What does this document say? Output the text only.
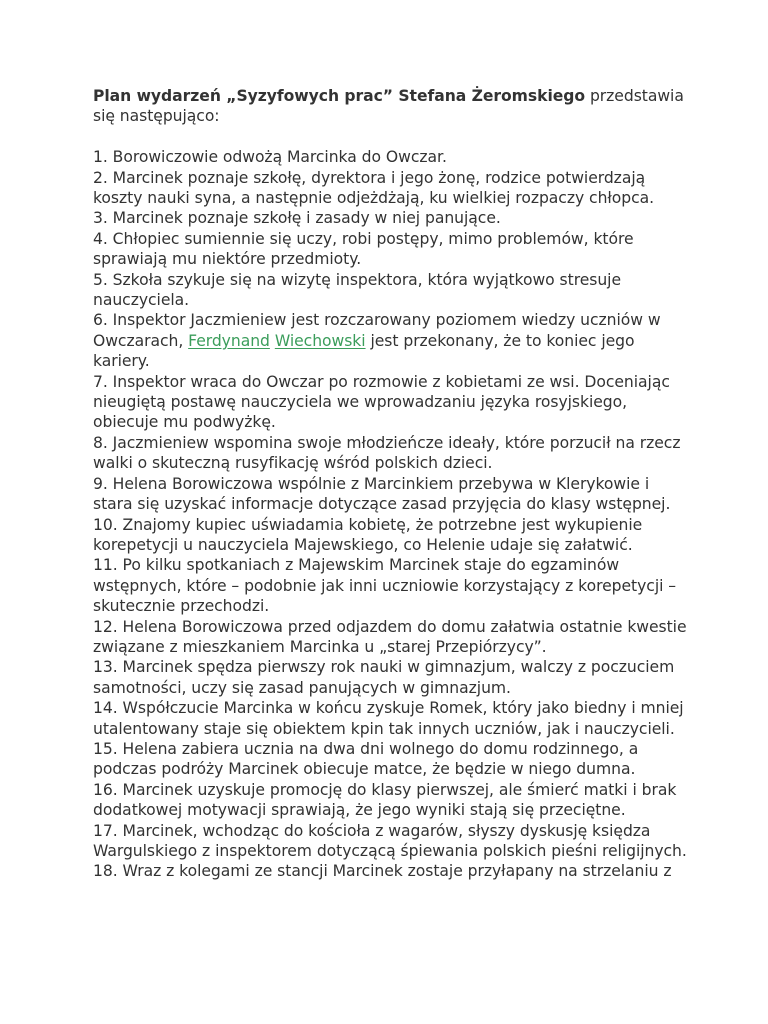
Plan wydarzeń „Syzyfowych prac” Stefana Żeromskiego przedstawia się następująco:

1. Borowiczowie odwożą Marcinka do Owczar.
2. Marcinek poznaje szkołę, dyrektora i jego żonę, rodzice potwierdzają koszty nauki syna, a następnie odjeżdżają, ku wielkiej rozpaczy chłopca.
3. Marcinek poznaje szkołę i zasady w niej panujące.
4. Chłopiec sumiennie się uczy, robi postępy, mimo problemów, które sprawiają mu niektóre przedmioty.
5. Szkoła szykuje się na wizytę inspektora, która wyjątkowo stresuje nauczyciela.
6. Inspektor Jaczmieniew jest rozczarowany poziomem wiedzy uczniów w Owczarach, Ferdynand Wiechowski jest przekonany, że to koniec jego kariery.
7. Inspektor wraca do Owczar po rozmowie z kobietami ze wsi. Doceniając nieugiętą postawę nauczyciela we wprowadzaniu języka rosyjskiego, obiecuje mu podwyżkę.
8. Jaczmieniew wspomina swoje młodzieńcze ideały, które porzucił na rzecz walki o skuteczną rusyfikację wśród polskich dzieci.
9. Helena Borowiczowa wspólnie z Marcinkiem przebywa w Klerykowie i stara się uzyskać informacje dotyczące zasad przyjęcia do klasy wstępnej.
10. Znajomy kupiec uświadamia kobietę, że potrzebne jest wykupienie korepetycji u nauczyciela Majewskiego, co Helenie udaje się załatwić.
11. Po kilku spotkaniach z Majewskim Marcinek staje do egzaminów wstępnych, które – podobnie jak inni uczniowie korzystający z korepetycji – skutecznie przechodzi.
12. Helena Borowiczowa przed odjazdem do domu załatwia ostatnie kwestie związane z mieszkaniem Marcinka u „starej Przepiórzycy”.
13. Marcinek spędza pierwszy rok nauki w gimnazjum, walczy z poczuciem samotności, uczy się zasad panujących w gimnazjum.
14. Współczucie Marcinka w końcu zyskuje Romek, który jako biedny i mniej utalentowany staje się obiektem kpin tak innych uczniów, jak i nauczycieli.
15. Helena zabiera ucznia na dwa dni wolnego do domu rodzinnego, a podczas podróży Marcinek obiecuje matce, że będzie w niego dumna.
16. Marcinek uzyskuje promocję do klasy pierwszej, ale śmierć matki i brak dodatkowej motywacji sprawiają, że jego wyniki stają się przeciętne.
17. Marcinek, wchodząc do kościoła z wagarów, słyszy dyskusję księdza Wargulskiego z inspektorem dotyczącą śpiewania polskich pieśni religijnych.
18. Wraz z kolegami ze stancji Marcinek zostaje przyłapany na strzelaniu z
